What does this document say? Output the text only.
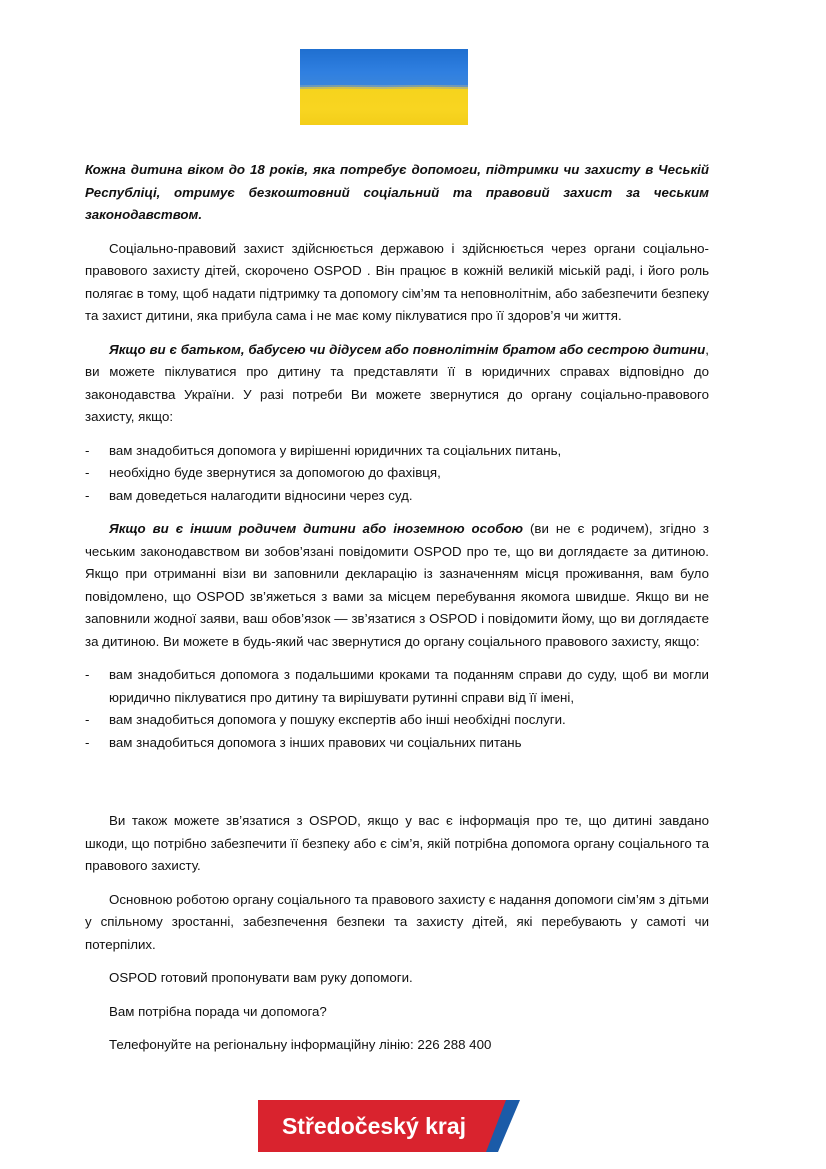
Кожна дитина віком до 18 років, яка потребує допомоги, підтримки чи захисту в Чеській Республіці, отримує безкоштовний соціальний та правовий захист за чеським законодавством.

Соціально-правовий захист здійснюється державою і здійснюється через органи соціально-правового захисту дітей, скорочено OSPOD . Він працює в кожній великій міській раді, і його роль полягає в тому, щоб надати підтримку та допомогу сім’ям та неповнолітнім, або забезпечити безпеку та захист дитини, яка прибула сама і не має кому піклуватися про її здоров’я чи життя.

Якщо ви є батьком, бабусею чи дідусем або повнолітнім братом або сестрою дитини, ви можете піклуватися про дитину та представляти її в юридичних справах відповідно до законодавства України. У разі потреби Ви можете звернутися до органу соціально-правового захисту, якщо:

- вам знадобиться допомога у вирішенні юридичних та соціальних питань,
- необхідно буде звернутися за допомогою до фахівця,
- вам доведеться налагодити відносини через суд.

Якщо ви є іншим родичем дитини або іноземною особою (ви не є родичем), згідно з чеським законодавством ви зобов’язані повідомити OSPOD про те, що ви доглядаєте за дитиною. Якщо при отриманні візи ви заповнили декларацію із зазначенням місця проживання, вам було повідомлено, що OSPOD зв’яжеться з вами за місцем перебування якомога швидше. Якщо ви не заповнили жодної заяви, ваш обов’язок — зв’язатися з OSPOD і повідомити йому, що ви доглядаєте за дитиною. Ви можете в будь-який час звернутися до органу соціального правового захисту, якщо:

- вам знадобиться допомога з подальшими кроками та поданням справи до суду, щоб ви могли юридично піклуватися про дитину та вирішувати рутинні справи від її імені,
- вам знадобиться допомога у пошуку експертів або інші необхідні послуги.
- вам знадобиться допомога з інших правових чи соціальних питань

Ви також можете зв’язатися з OSPOD, якщо у вас є інформація про те, що дитині завдано шкоди, що потрібно забезпечити її безпеку або є сім’я, якій потрібна допомога органу соціального та правового захисту.

Основною роботою органу соціального та правового захисту є надання допомоги сім’ям з дітьми у спільному зростанні, забезпечення безпеки та захисту дітей, які перебувають у самоті чи потерпілих.

OSPOD готовий пропонувати вам руку допомоги.

Вам потрібна порада чи допомога?

Телефонуйте на регіональну інформаційну лінію: 226 288 400

Středočeský kraj
